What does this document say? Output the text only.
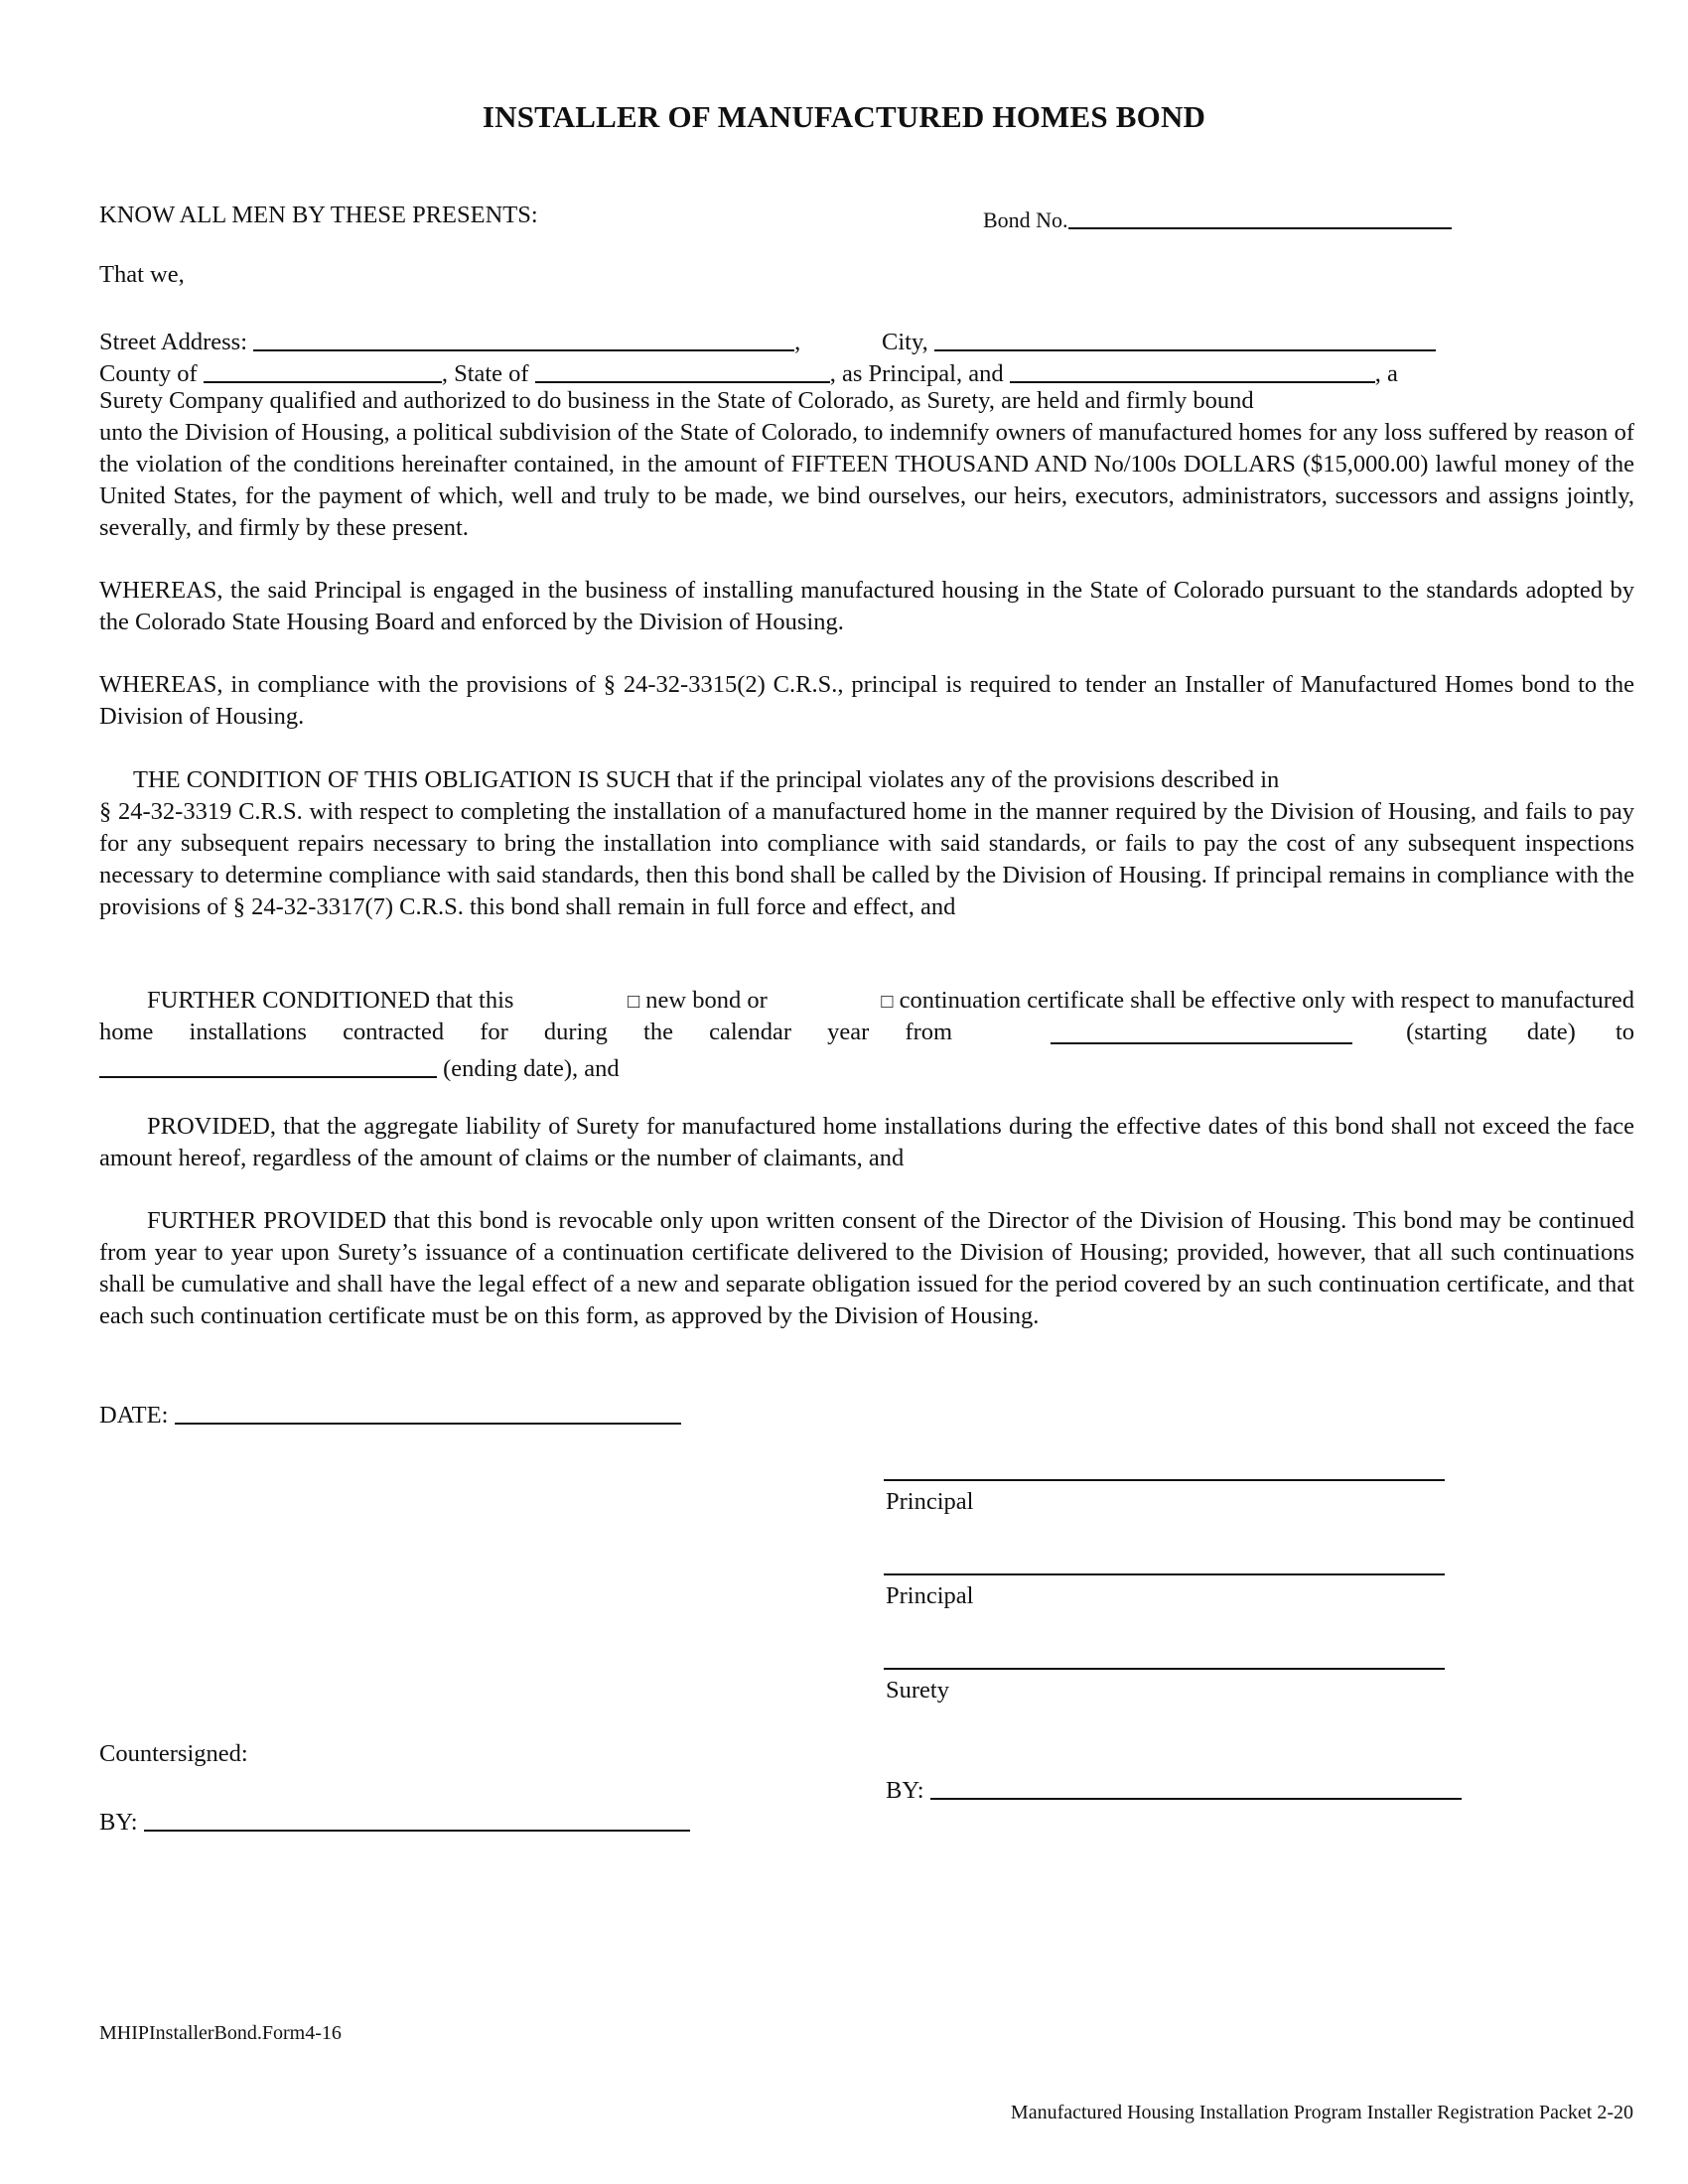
INSTALLER OF MANUFACTURED HOMES BOND
KNOW ALL MEN BY THESE PRESENTS:	Bond No.
That we,
Street Address:	,	City,
County of	, State of	, as Principal, and	, a
Surety Company qualified and authorized to do business in the State of Colorado, as Surety, are held and firmly bound
unto the Division of Housing, a political subdivision of the State of Colorado, to indemnify owners of manufactured homes for any loss suffered by reason of the violation of the conditions hereinafter contained, in the amount of FIFTEEN THOUSAND AND No/100s DOLLARS ($15,000.00) lawful money of the United States, for the payment of which, well and truly to be made, we bind ourselves, our heirs, executors, administrators, successors and assigns jointly, severally, and firmly by these present.
WHEREAS, the said Principal is engaged in the business of installing manufactured housing in the State of Colorado pursuant to the standards adopted by the Colorado State Housing Board and enforced by the Division of Housing.
WHEREAS, in compliance with the provisions of § 24-32-3315(2) C.R.S., principal is required to tender an Installer of Manufactured Homes bond to the Division of Housing.
THE CONDITION OF THIS OBLIGATION IS SUCH that if the principal violates any of the provisions described in
§ 24-32-3319 C.R.S. with respect to completing the installation of a manufactured home in the manner required by the Division of Housing, and fails to pay for any subsequent repairs necessary to bring the installation into compliance with said standards, or fails to pay the cost of any subsequent inspections necessary to determine compliance with said standards, then this bond shall be called by the Division of Housing. If principal remains in compliance with the provisions of § 24-32-3317(7) C.R.S. this bond shall remain in full force and effect, and
FURTHER CONDITIONED that this	□ new bond or	□ continuation certificate shall be effective only with respect to manufactured
home installations contracted for during the calendar year from	(starting date) to
(ending date), and
PROVIDED, that the aggregate liability of Surety for manufactured home installations during the effective dates of this bond shall not exceed the face amount hereof, regardless of the amount of claims or the number of claimants, and
FURTHER PROVIDED that this bond is revocable only upon written consent of the Director of the Division of Housing. This bond may be continued from year to year upon Surety’s issuance of a continuation certificate delivered to the Division of Housing; provided, however, that all such continuations shall be cumulative and shall have the legal effect of a new and separate obligation issued for the period covered by an such continuation certificate, and that each such continuation certificate must be on this form, as approved by the Division of Housing.
DATE:
Principal
Principal
Surety
BY:
Countersigned:
BY:
MHIPInstallerBond.Form4-16
Manufactured Housing Installation Program Installer Registration Packet 2-20
